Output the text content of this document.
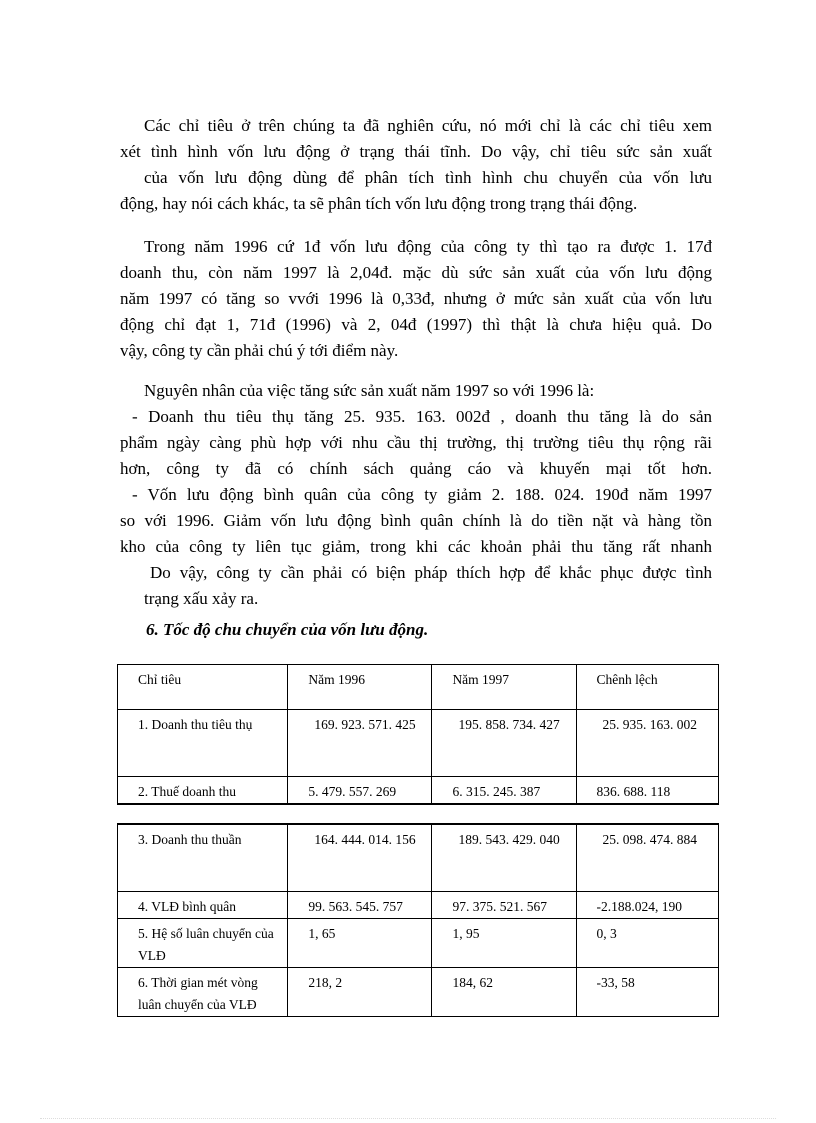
Các chỉ tiêu ở trên chúng ta đã nghiên cứu, nó mới chỉ là các chỉ tiêu xem
xét tình hình vốn lưu động ở trạng thái tĩnh. Do vậy, chỉ tiêu sức sản xuất
của vốn lưu động dùng để phân tích tình hình chu chuyển của vốn lưu
động, hay nói cách khác, ta sẽ phân tích vốn lưu động trong trạng thái động.
Trong năm 1996 cứ 1đ vốn lưu động của công ty thì tạo ra được 1. 17đ
doanh thu, còn năm 1997 là 2,04đ. mặc dù sức sản xuất của vốn lưu động
năm 1997 có tăng so vvới 1996 là 0,33đ, nhưng ở mức sản xuất của vốn lưu
động chỉ đạt 1, 71đ (1996) và 2, 04đ (1997) thì thật là chưa hiệu quả. Do
vậy, công ty cần phải chú ý tới điểm này.
Nguyên nhân của việc tăng sức sản xuất năm 1997 so với 1996 là:
- Doanh thu tiêu thụ tăng 25. 935. 163. 002đ , doanh thu tăng là do sản
phẩm ngày càng phù hợp với nhu cầu thị trường, thị trường tiêu thụ rộng rãi
hơn, công ty đã có chính sách quảng cáo và khuyến mại tốt hơn.
- Vốn lưu động bình quân của công ty giảm 2. 188. 024. 190đ năm 1997
so với 1996. Giảm vốn lưu động bình quân chính là do tiền nặt và hàng tồn
kho của công ty liên tục giảm, trong khi các khoản phải thu tăng rất nhanh
Do vậy, công ty cần phải có biện pháp thích hợp để khắc phục được tình
trạng xấu xảy ra.

6. Tốc độ chu chuyển của vốn lưu động.

Chỉ tiêu	Năm 1996	Năm 1997	Chênh lệch
1. Doanh thu tiêu thụ	169. 923. 571. 425	195. 858. 734. 427	25. 935. 163. 002

2. Thuế doanh thu	5. 479. 557. 269	6. 315. 245. 387	836. 688. 118

3. Doanh thu thuần	164. 444. 014. 156	189. 543. 429. 040	25. 098. 474. 884

4. VLĐ bình quân	99. 563. 545. 757	97. 375. 521. 567	-2.188.024, 190
5. Hệ số luân chuyển của VLĐ	1, 65	1, 95	0, 3
6. Thời gian mét vòng luân chuyển của VLĐ	218, 2	184, 62	-33, 58
